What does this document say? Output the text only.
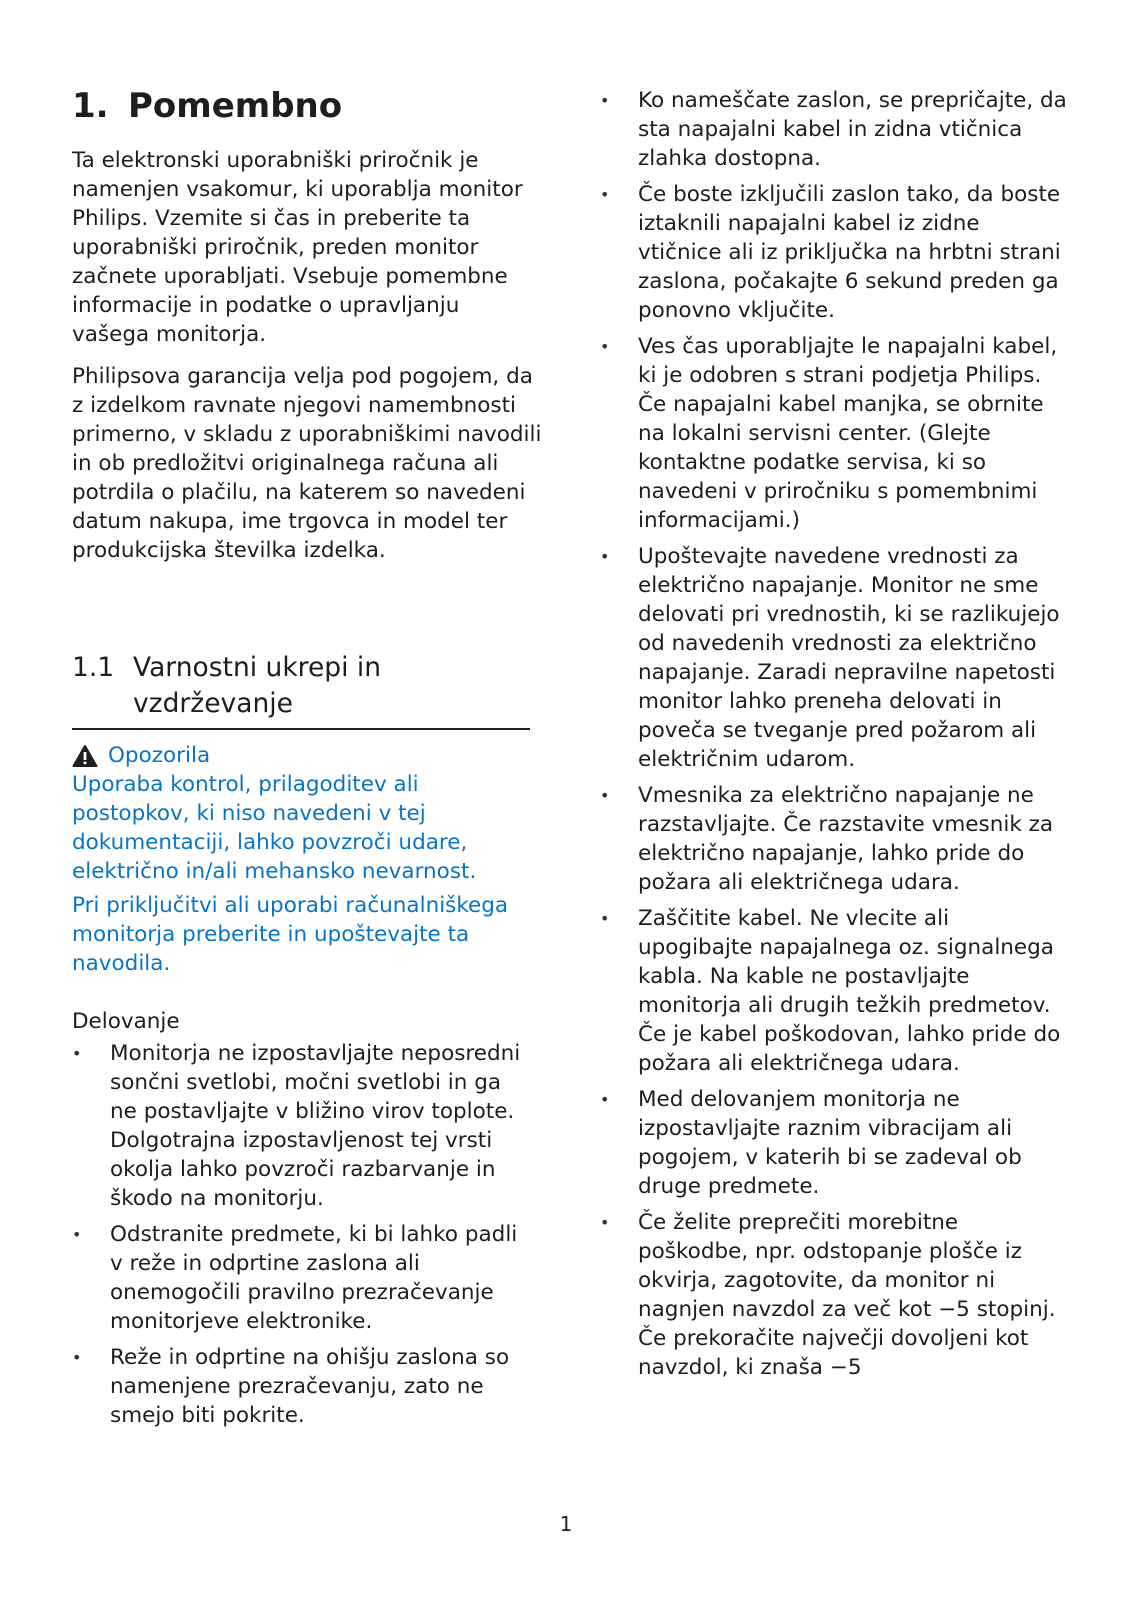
1. Pomembno

Ta elektronski uporabniški priročnik je namenjen vsakomur, ki uporablja monitor Philips. Vzemite si čas in preberite ta uporabniški priročnik, preden monitor začnete uporabljati. Vsebuje pomembne informacije in podatke o upravljanju vašega monitorja.

Philipsova garancija velja pod pogojem, da z izdelkom ravnate njegovi namembnosti primerno, v skladu z uporabniškimi navodili in ob predložitvi originalnega računa ali potrdila o plačilu, na katerem so navedeni datum nakupa, ime trgovca in model ter produkcijska številka izdelka.

1.1 Varnostni ukrepi in vzdrževanje
Opozorila

Uporaba kontrol, prilagoditev ali postopkov, ki niso navedeni v tej dokumentaciji, lahko povzroči udare, električno in/ali mehansko nevarnost.

Pri priključitvi ali uporabi računalniškega monitorja preberite in upoštevajte ta navodila.

Delovanje
• Monitorja ne izpostavljajte neposredni sončni svetlobi, močni svetlobi in ga ne postavljajte v bližino virov toplote. Dolgotrajna izpostavljenost tej vrsti okolja lahko povzroči razbarvanje in škodo na monitorju.
• Odstranite predmete, ki bi lahko padli v reže in odprtine zaslona ali onemogočili pravilno prezračevanje monitorjeve elektronike.
• Reže in odprtine na ohišju zaslona so namenjene prezračevanju, zato ne smejo biti pokrite.
• Ko nameščate zaslon, se prepričajte, da sta napajalni kabel in zidna vtičnica zlahka dostopna.
• Če boste izključili zaslon tako, da boste iztaknili napajalni kabel iz zidne vtičnice ali iz priključka na hrbtni strani zaslona, počakajte 6 sekund preden ga ponovno vključite.
• Ves čas uporabljajte le napajalni kabel, ki je odobren s strani podjetja Philips. Če napajalni kabel manjka, se obrnite na lokalni servisni center. (Glejte kontaktne podatke servisa, ki so navedeni v priročniku s pomembnimi informacijami.)
• Upoštevajte navedene vrednosti za električno napajanje. Monitor ne sme delovati pri vrednostih, ki se razlikujejo od navedenih vrednosti za električno napajanje. Zaradi nepravilne napetosti monitor lahko preneha delovati in poveča se tveganje pred požarom ali električnim udarom.
• Vmesnika za električno napajanje ne razstavljajte. Če razstavite vmesnik za električno napajanje, lahko pride do požara ali električnega udara.
• Zaščitite kabel. Ne vlecite ali upogibajte napajalnega oz. signalnega kabla. Na kable ne postavljajte monitorja ali drugih težkih predmetov. Če je kabel poškodovan, lahko pride do požara ali električnega udara.
• Med delovanjem monitorja ne izpostavljajte raznim vibracijam ali pogojem, v katerih bi se zadeval ob druge predmete.
• Če želite preprečiti morebitne poškodbe, npr. odstopanje plošče iz okvirja, zagotovite, da monitor ni nagnjen navzdol za več kot −5 stopinj. Če prekoračite največji dovoljeni kot navzdol, ki znaša −5
1
